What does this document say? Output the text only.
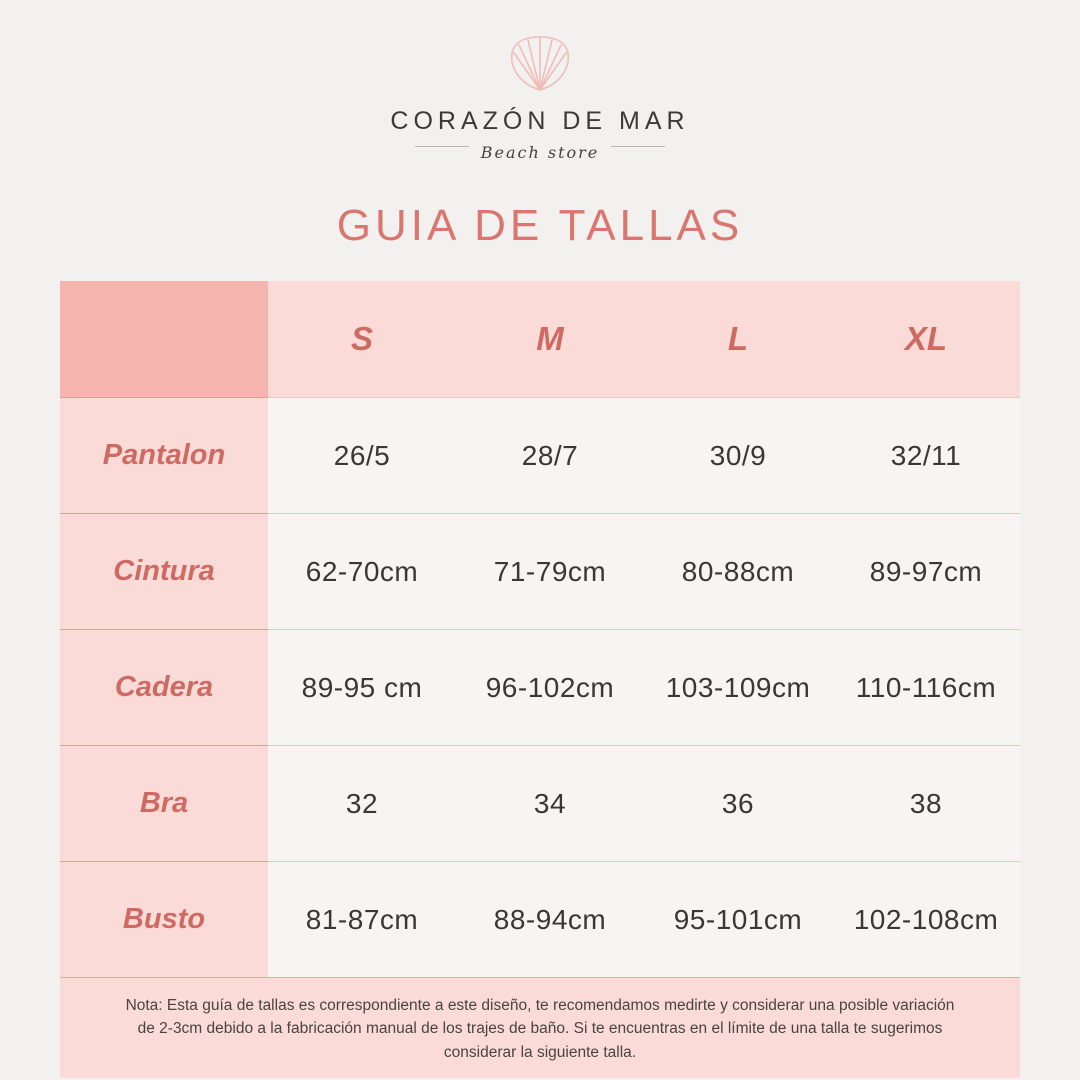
CORAZÓN DE MAR
Beach store
GUIA DE TALLAS
	S	M	L	XL
Pantalon	26/5	28/7	30/9	32/11
Cintura	62-70cm	71-79cm	80-88cm	89-97cm
Cadera	89-95 cm	96-102cm	103-109cm	110-116cm
Bra	32	34	36	38
Busto	81-87cm	88-94cm	95-101cm	102-108cm
Nota: Esta guía de tallas es correspondiente a este diseño, te recomendamos medirte y considerar una posible variación de 2-3cm debido a la fabricación manual de los trajes de baño. Si te encuentras en el límite de una talla te sugerimos considerar la siguiente talla.
